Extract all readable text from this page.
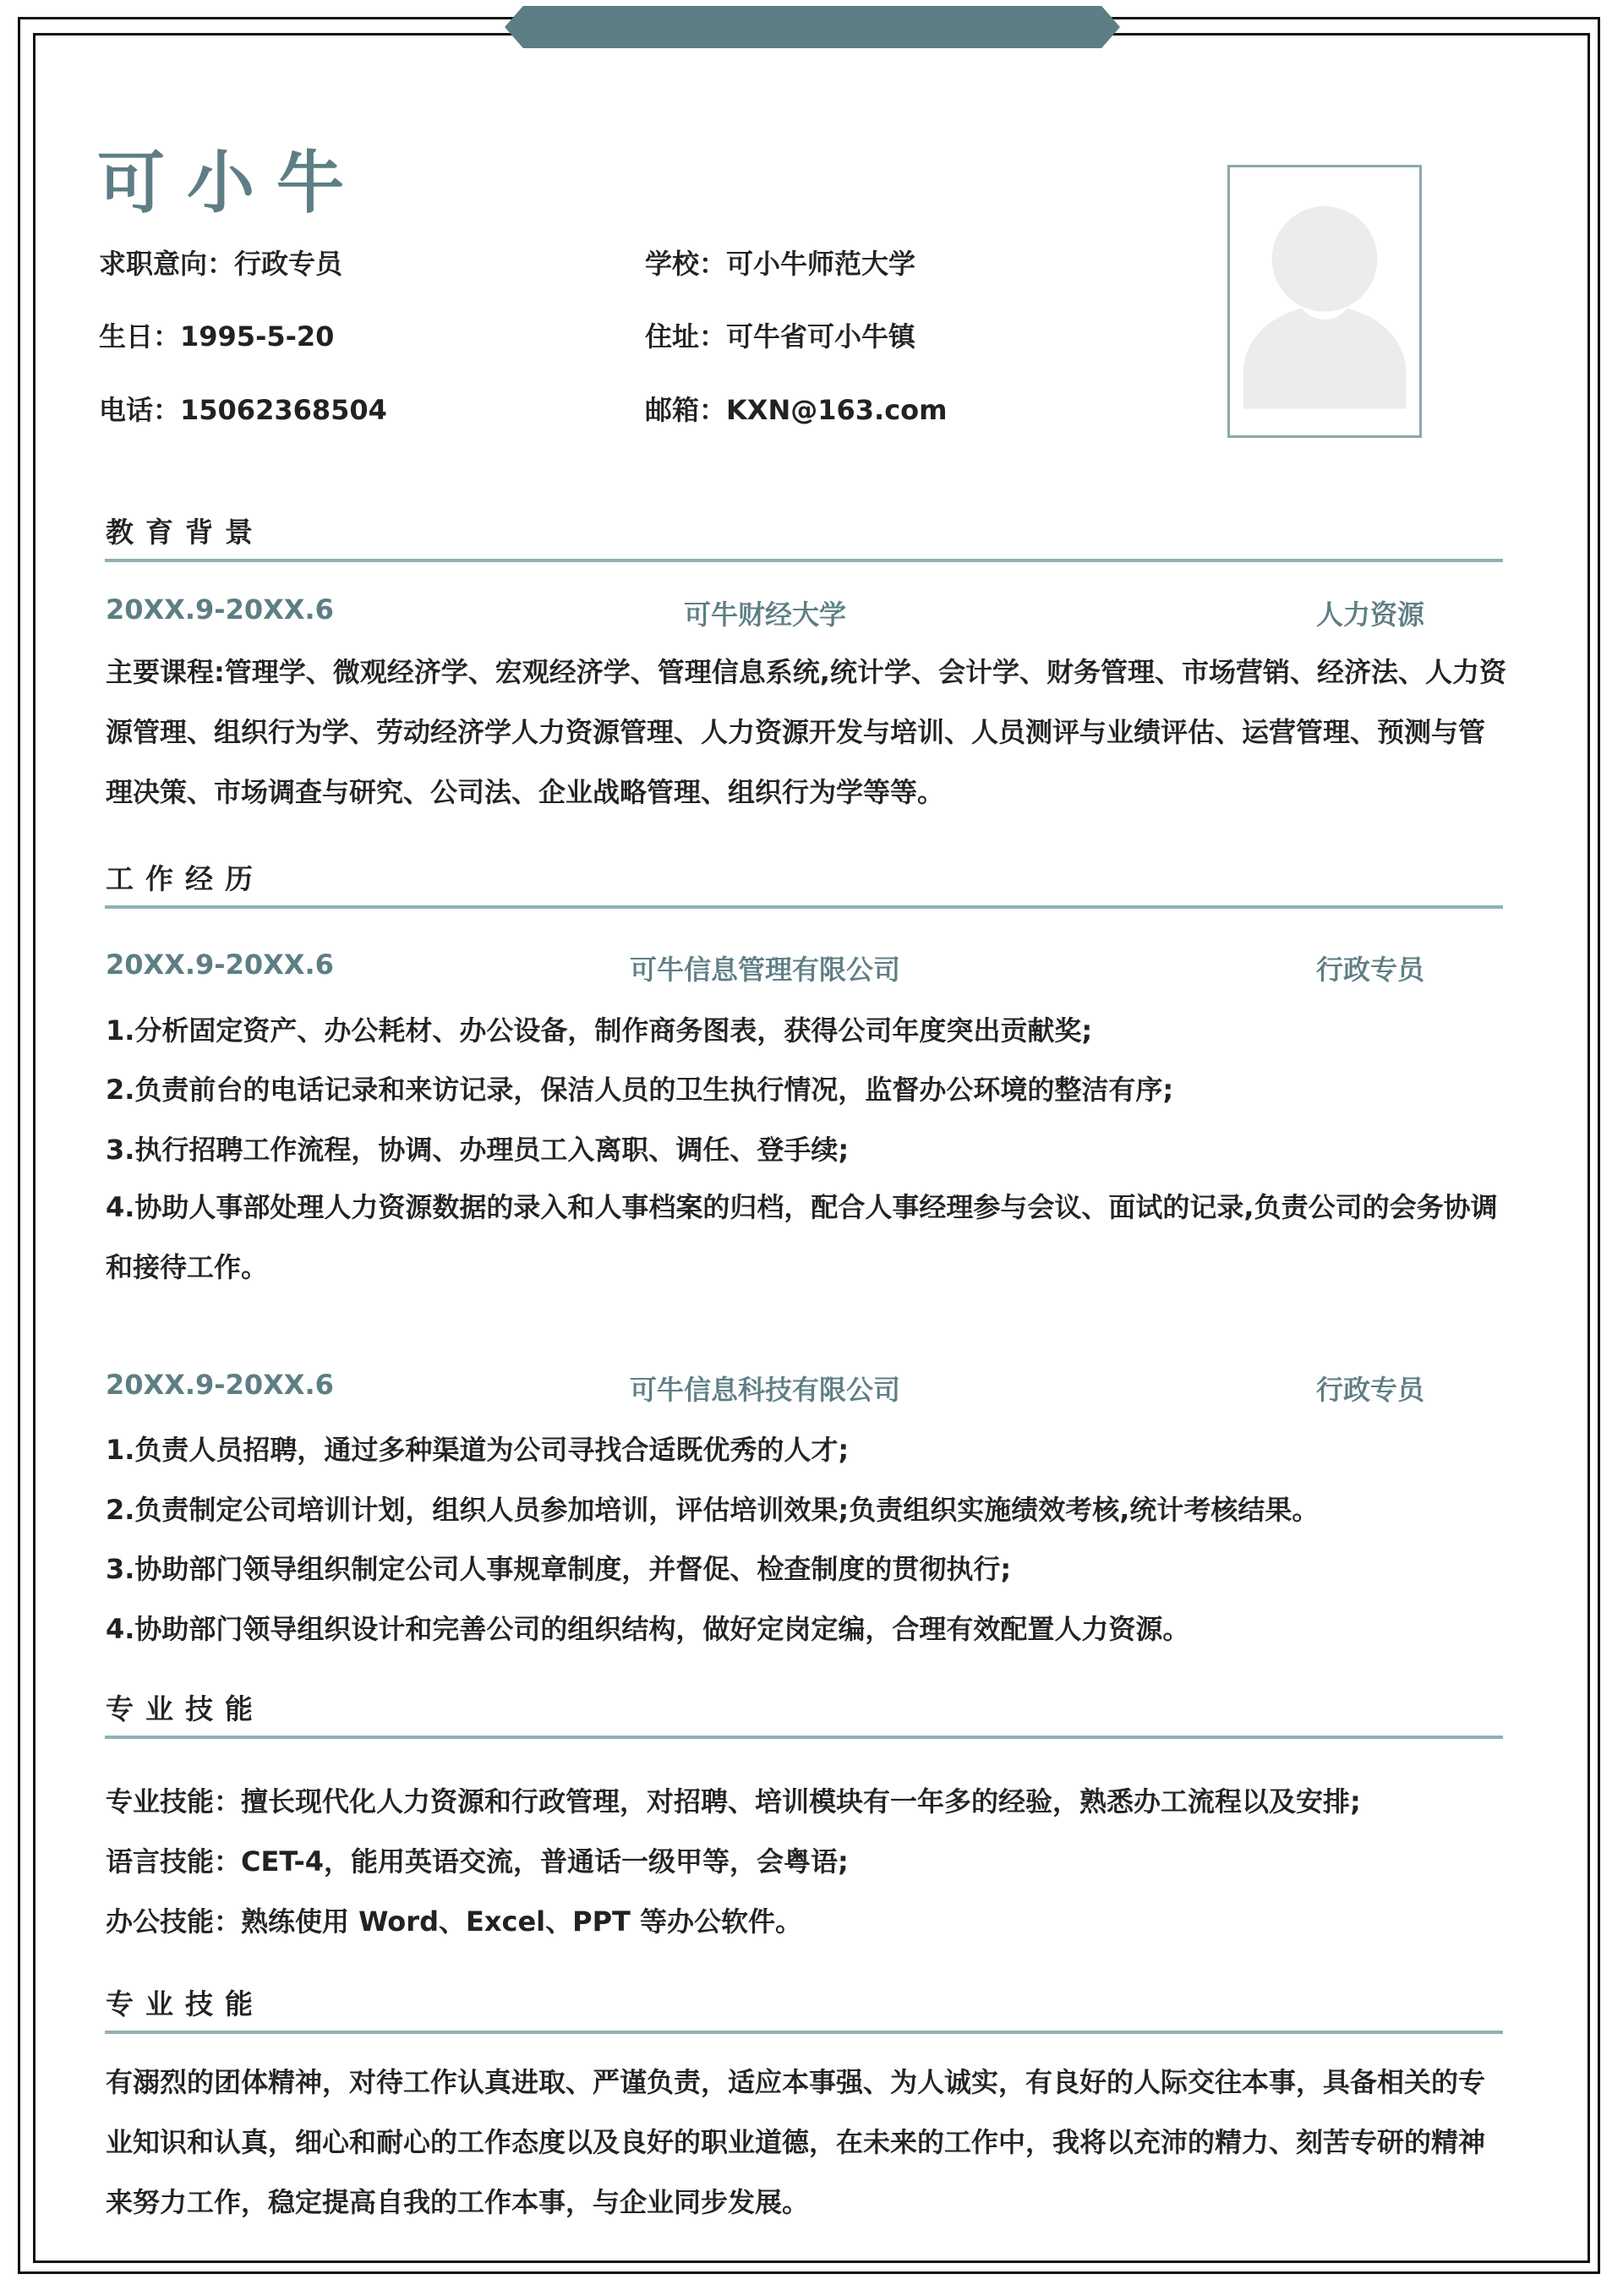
可小牛
求职意向：行政专员	学校：可小牛师范大学
生日：1995-5-20	住址：可牛省可小牛镇
电话：15062368504	邮箱：KXN@163.com
教育背景
20XX.9-20XX.6	可牛财经大学	人力资源

主要课程:管理学、微观经济学、宏观经济学、管理信息系统,统计学、会计学、财务管理、市场营销、经济法、人力资源管理、组织行为学、劳动经济学人力资源管理、人力资源开发与培训、人员测评与业绩评估、运营管理、预测与管理决策、市场调查与研究、公司法、企业战略管理、组织行为学等等。

工作经历
20XX.9-20XX.6	可牛信息管理有限公司	行政专员
1.分析固定资产、办公耗材、办公设备，制作商务图表，获得公司年度突出贡献奖;
2.负责前台的电话记录和来访记录，保洁人员的卫生执行情况，监督办公环境的整洁有序;
3.执行招聘工作流程，协调、办理员工入离职、调任、登手续;

4.协助人事部处理人力资源数据的录入和人事档案的归档，配合人事经理参与会议、面试的记录,负责公司的会务协调和接待工作。

20XX.9-20XX.6	可牛信息科技有限公司	行政专员
1.负责人员招聘，通过多种渠道为公司寻找合适既优秀的人才;
2.负责制定公司培训计划，组织人员参加培训，评估培训效果;负责组织实施绩效考核,统计考核结果。
3.协助部门领导组织制定公司人事规章制度，并督促、检查制度的贯彻执行;
4.协助部门领导组织设计和完善公司的组织结构，做好定岗定编，合理有效配置人力资源。
专业技能
专业技能：擅长现代化人力资源和行政管理，对招聘、培训模块有一年多的经验，熟悉办工流程以及安排;
语言技能：CET-4，能用英语交流，普通话一级甲等，会粤语;
办公技能：熟练使用 Word、Excel、PPT 等办公软件。
专业技能

有溺烈的团体精神，对待工作认真进取、严谨负责，适应本事强、为人诚实，有良好的人际交往本事，具备相关的专业知识和认真，细心和耐心的工作态度以及良好的职业道德，在未来的工作中，我将以充沛的精力、刻苦专研的精神来努力工作，稳定提高自我的工作本事，与企业同步发展。
